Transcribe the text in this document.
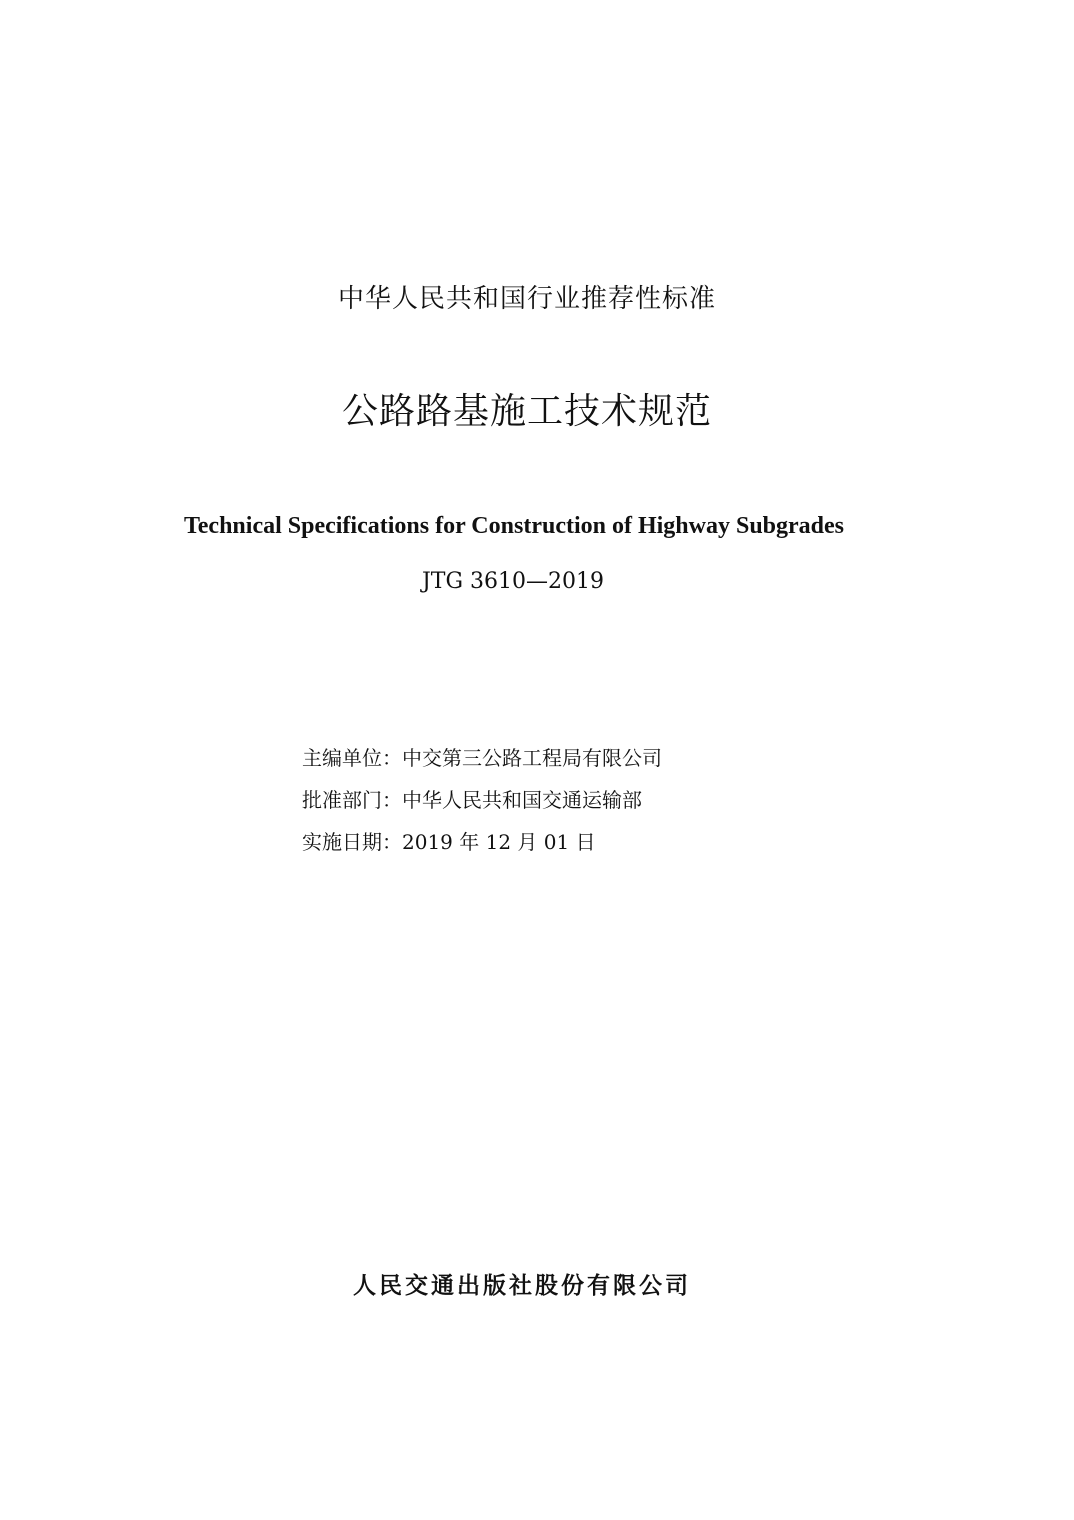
中华人民共和国行业推荐性标准
公路路基施工技术规范
Technical Specifications for Construction of Highway Subgrades
JTG 3610—2019
主编单位：中交第三公路工程局有限公司
批准部门：中华人民共和国交通运输部
实施日期：2019 年 12 月 01 日
人民交通出版社股份有限公司
